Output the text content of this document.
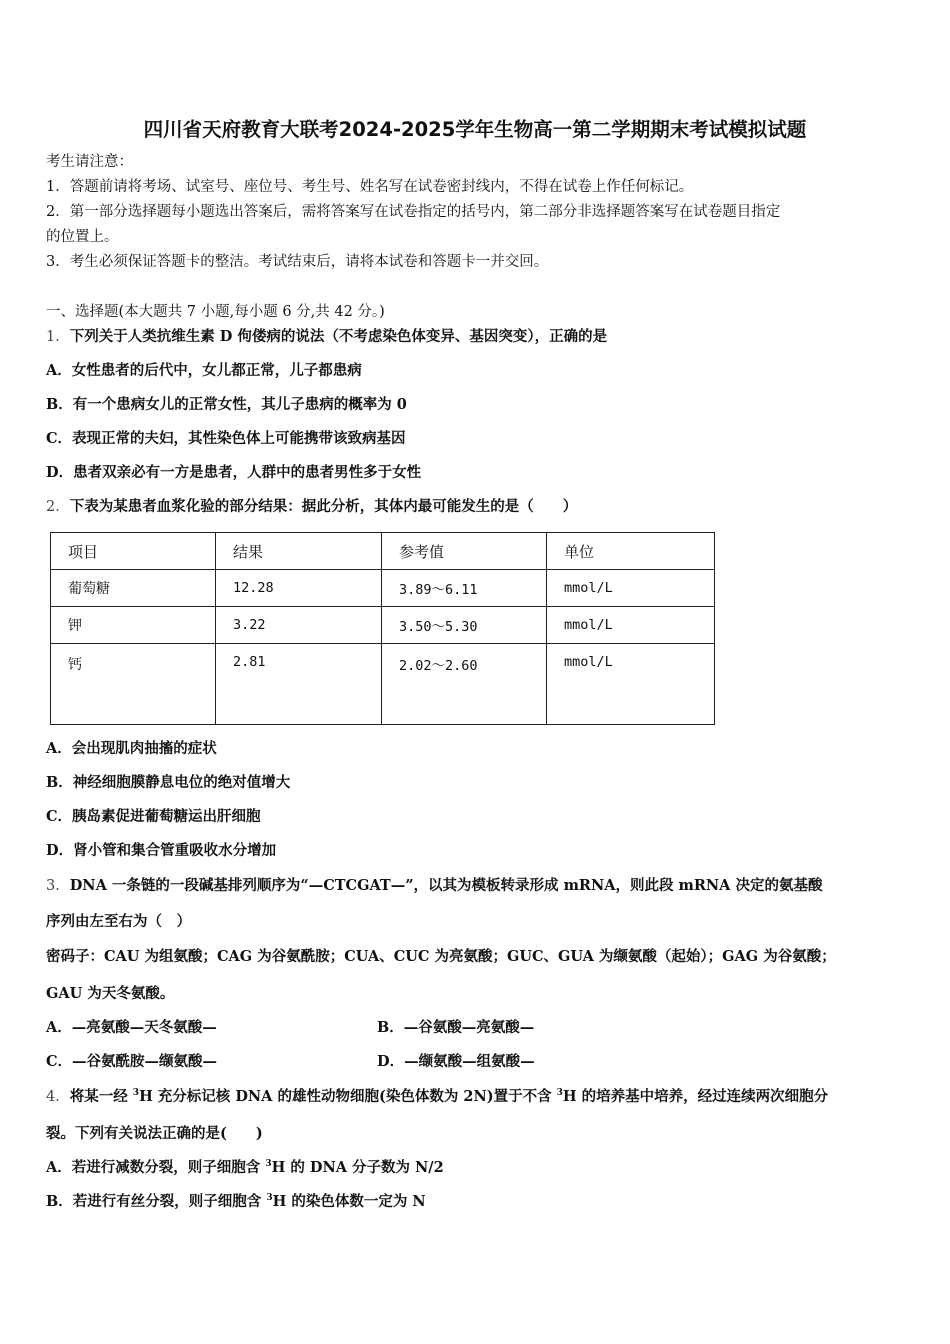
四川省天府教育大联考2024-2025学年生物高一第二学期期末考试模拟试题
考生请注意：
1．答题前请将考场、试室号、座位号、考生号、姓名写在试卷密封线内，不得在试卷上作任何标记。
2．第一部分选择题每小题选出答案后，需将答案写在试卷指定的括号内，第二部分非选择题答案写在试卷题目指定
的位置上。
3．考生必须保证答题卡的整洁。考试结束后，请将本试卷和答题卡一并交回。
一、选择题(本大题共 7 小题,每小题 6 分,共 42 分。)
1．下列关于人类抗维生素 D 佝偻病的说法（不考虑染色体变异、基因突变），正确的是
A．女性患者的后代中，女儿都正常，儿子都患病
B．有一个患病女儿的正常女性，其儿子患病的概率为 0
C．表现正常的夫妇，其性染色体上可能携带该致病基因
D．患者双亲必有一方是患者，人群中的患者男性多于女性
2．下表为某患者血浆化验的部分结果：据此分析，其体内最可能发生的是（　　）
项目	结果	参考值	单位
葡萄糖	12.28	3.89～6.11	mmol/L
钾	3.22	3.50～5.30	mmol/L
钙	2.81	2.02～2.60	mmol/L
A．会出现肌肉抽搐的症状
B．神经细胞膜静息电位的绝对值增大
C．胰岛素促进葡萄糖运出肝细胞
D．肾小管和集合管重吸收水分增加
3．DNA 一条链的一段碱基排列顺序为“—CTCGAT—”，以其为模板转录形成 mRNA，则此段 mRNA 决定的氨基酸
序列由左至右为（　）
密码子：CAU 为组氨酸；CAG 为谷氨酰胺；CUA、CUC 为亮氨酸；GUC、GUA 为缬氨酸（起始）；GAG 为谷氨酸；
GAU 为天冬氨酸。
A．—亮氨酸—天冬氨酸—	B．—谷氨酸—亮氨酸—
C．—谷氨酰胺—缬氨酸—	D．—缬氨酸—组氨酸—
4．将某一经 $^3$H 充分标记核 DNA 的雄性动物细胞(染色体数为 2N)置于不含 $^3$H 的培养基中培养，经过连续两次细胞分
裂。下列有关说法正确的是(　　)
A．若进行减数分裂，则子细胞含 $^3$H 的 DNA 分子数为 N/2
B．若进行有丝分裂，则子细胞含 $^3$H 的染色体数一定为 N
